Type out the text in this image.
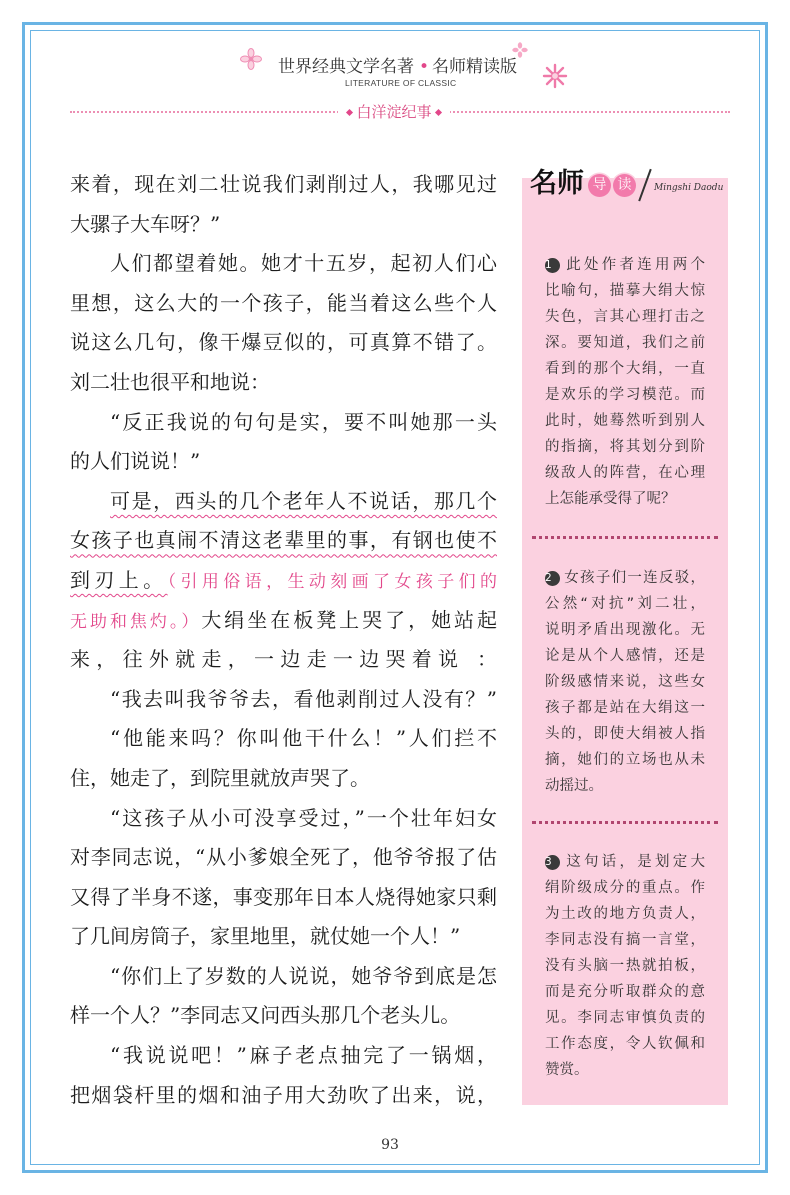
世界经典文学名著 • 名师精读版
LITERATURE OF CLASSIC
白洋淀纪事
来着，现在刘二壮说我们剥削过人，我哪见过
大骡子大车呀？”
人们都望着她。她才十五岁，起初人们心
里想，这么大的一个孩子，能当着这么些个人
说这么几句，像干爆豆似的，可真算不错了。
刘二壮也很平和地说：
“反正我说的句句是实，要不叫她那一头
的人们说说！”
可是，西头的几个老年人不说话，那几个
女孩子也真闹不清这老辈里的事，有钢也使不
到刃上。（引用俗语，生动刻画了女孩子们的
无助和焦灼。）大绢坐在板凳上哭了，她站起
来，往外就走，一边走一边哭着说 ：
“我去叫我爷爷去，看他剥削过人没有？”
“他能来吗？你叫他干什么！”人们拦不
住，她走了，到院里就放声哭了。
“这孩子从小可没享受过，”一个壮年妇女
对李同志说，“从小爹娘全死了，他爷爷报了估
又得了半身不遂，事变那年日本人烧得她家只剩
了几间房筒子，家里地里，就仗她一个人！”
“你们上了岁数的人说说，她爷爷到底是怎
样一个人？”李同志又问西头那几个老头儿。
“我说说吧！”麻子老点抽完了一锅烟，
把烟袋杆里的烟和油子用大劲吹了出来，说，
名 师 导 读	Mingshi Daodu
1 此处作者连用两个
比喻句，描摹大绢大惊
失色，言其心理打击之
深。要知道，我们之前
看到的那个大绢，一直
是欢乐的学习模范。而
此时，她蓦然听到别人
的指摘，将其划分到阶
级敌人的阵营，在心理
上怎能承受得了呢？
2 女孩子们一连反驳，
公然“对抗”刘二壮，
说明矛盾出现激化。无
论是从个人感情，还是
阶级感情来说，这些女
孩子都是站在大绢这一
头的，即使大绢被人指
摘，她们的立场也从未
动摇过。
3 这句话，是划定大
绢阶级成分的重点。作
为土改的地方负责人，
李同志没有搞一言堂，
没有头脑一热就拍板，
而是充分听取群众的意
见。李同志审慎负责的
工作态度，令人钦佩和
赞赏。
93
